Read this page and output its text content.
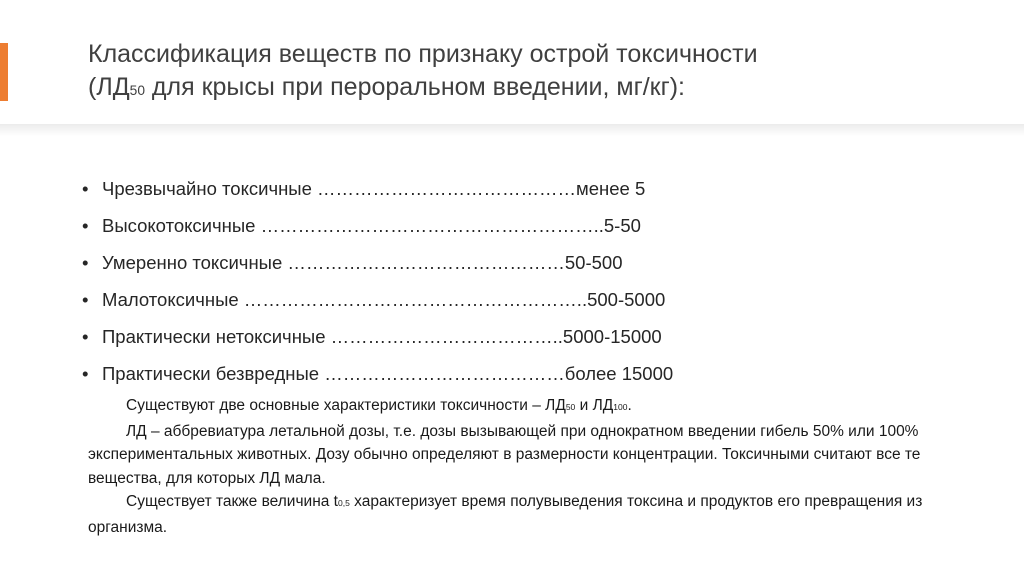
Классификация веществ по признаку острой токсичности
(ЛД50 для крысы при пероральном введении, мг/кг):
• Чрезвычайно токсичные ……………………………………менее 5
• Высокотоксичные ………………………………………………..5-50
• Умеренно токсичные ………………………………………50-500
• Малотоксичные ………………………………………………..500-5000
• Практически нетоксичные ………………………………..5000-15000
• Практически безвредные …………………………………более 15000

Существуют две основные характеристики токсичности – ЛД50 и ЛД100.

ЛД – аббревиатура летальной дозы, т.е. дозы вызывающей при однократном введении гибель 50% или 100% экспериментальных животных. Дозу обычно определяют в размерности концентрации. Токсичными считают все те вещества, для которых ЛД мала.

Существует также величина t0,5 характеризует время полувыведения токсина и продуктов его превращения из организма.
